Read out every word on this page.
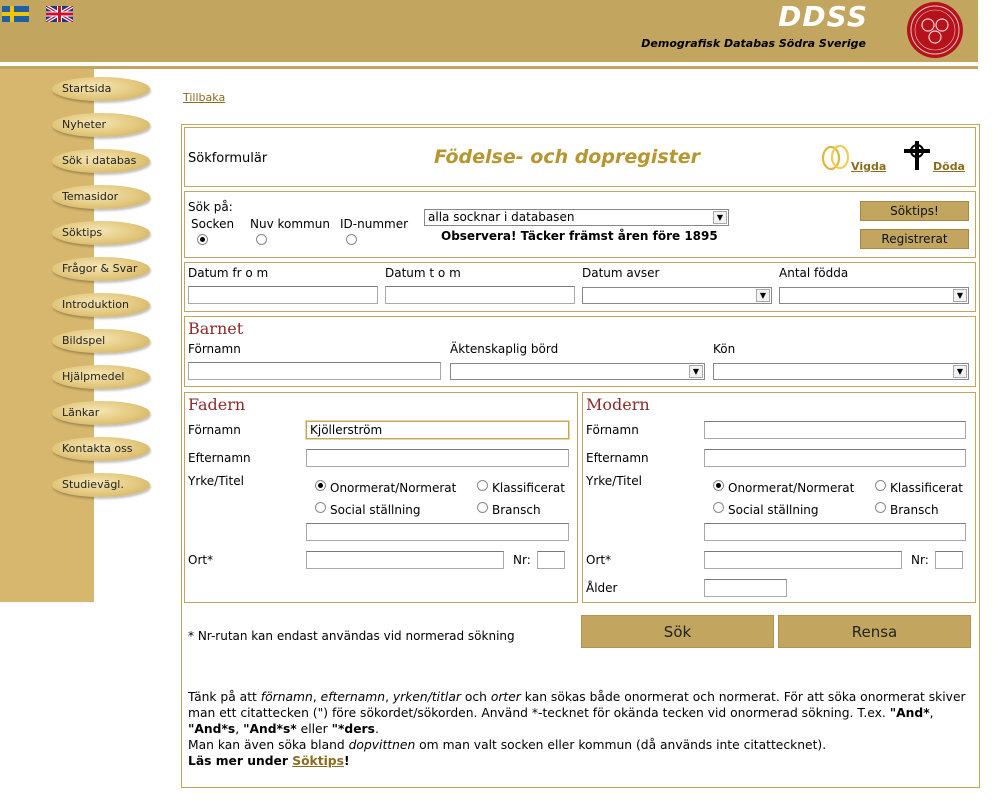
DDSS
Demografisk Databas Södra Sverige
Startsida
Nyheter
Sök i databas
Temasidor
Söktips
Frågor & Svar
Introduktion
Bildspel
Hjälpmedel
Länkar
Kontakta oss
Studievägl.
Tillbaka
Sökformulär	Födelse- och dopregister	Vigda	Döda
Sök på:
Socken Nuv kommun ID-nummer	alla socknar i databasen	▼
Observera! Täcker främst åren före 1895
Söktips!
Registrerat
Datum fr o m	Datum t o m	Datum avser	Antal födda
▼	▼
Barnet
Förnamn	Äktenskaplig börd	Kön
▼	▼
Fadern
Förnamn	Kjöllerström
Efternamn
Yrke/Titel	Onormerat/Normerat	Klassificerat
Social ställning	Bransch
Ort*	Nr:
Modern
Förnamn
Efternamn
Yrke/Titel	Onormerat/Normerat	Klassificerat
Social ställning	Bransch
Ort*	Nr:
Ålder
* Nr-rutan kan endast användas vid normerad sökning	Sök	Rensa
Tänk på att förnamn, efternamn, yrken/titlar och orter kan sökas både onormerat och normerat. För att söka onormerat skiver man ett citattecken (") före sökordet/sökorden. Använd *-tecknet för okända tecken vid onormerad sökning. T.ex. "And*, "And*s, "And*s* eller "*ders.
Man kan även söka bland dopvittnen om man valt socken eller kommun (då används inte citattecknet).
Läs mer under Söktips!
